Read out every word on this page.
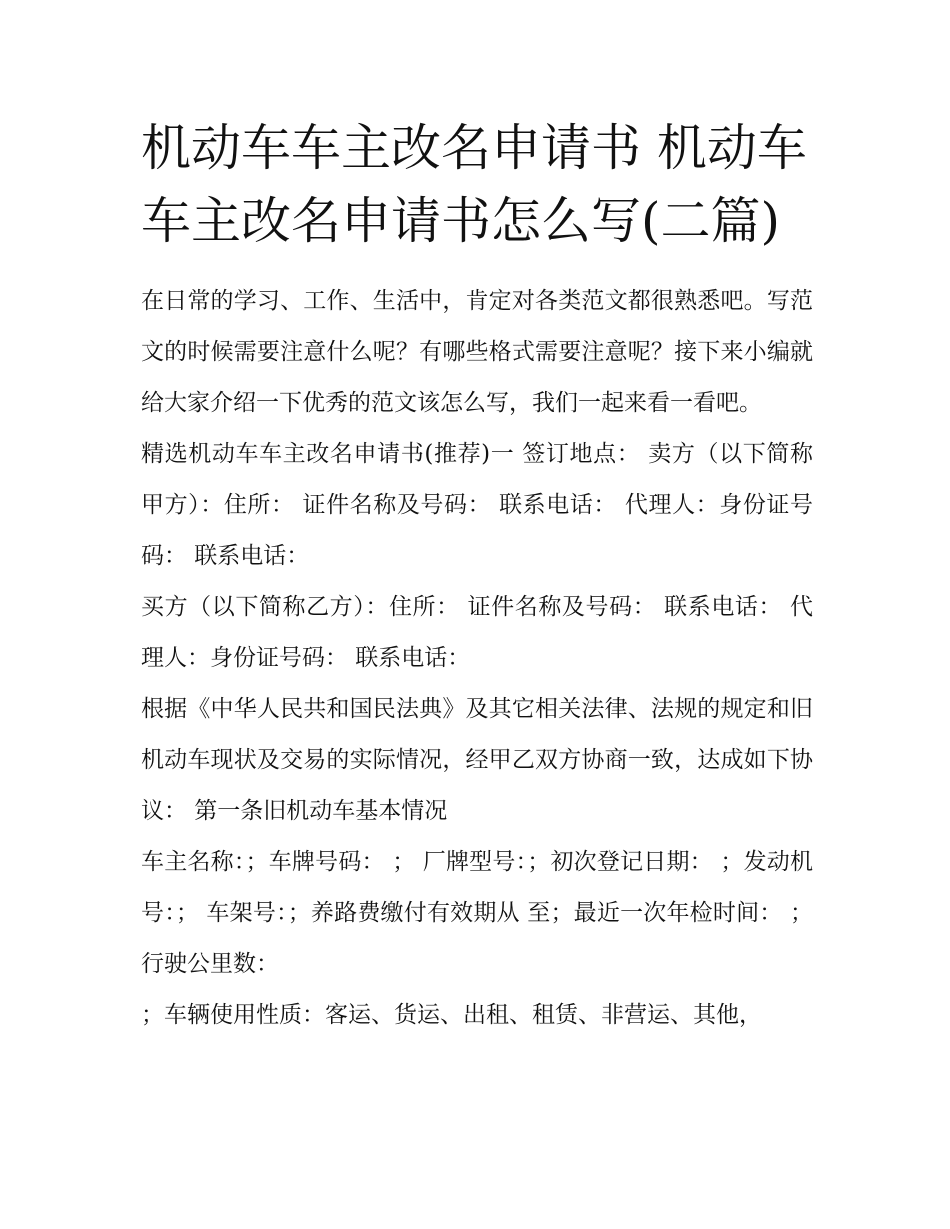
机动车车主改名申请书 机动车车主改名申请书怎么写(二篇)

在日常的学习、工作、生活中，肯定对各类范文都很熟悉吧。写范文的时候需要注意什么呢？有哪些格式需要注意呢？接下来小编就给大家介绍一下优秀的范文该怎么写，我们一起来看一看吧。

精选机动车车主改名申请书(推荐)一 签订地点： 卖方（以下简称甲方）：住所： 证件名称及号码： 联系电话： 代理人：身份证号码： 联系电话：

买方（以下简称乙方）：住所： 证件名称及号码： 联系电话： 代理人：身份证号码： 联系电话：

根据《中华人民共和国民法典》及其它相关法律、法规的规定和旧机动车现状及交易的实际情况，经甲乙双方协商一致，达成如下协议： 第一条旧机动车基本情况

车主名称：；车牌号码： ； 厂牌型号：；初次登记日期： ；发动机号：； 车架号：；养路费缴付有效期从 至；最近一次年检时间： ；行驶公里数：

；车辆使用性质：客运、货运、出租、租赁、非营运、其他，
